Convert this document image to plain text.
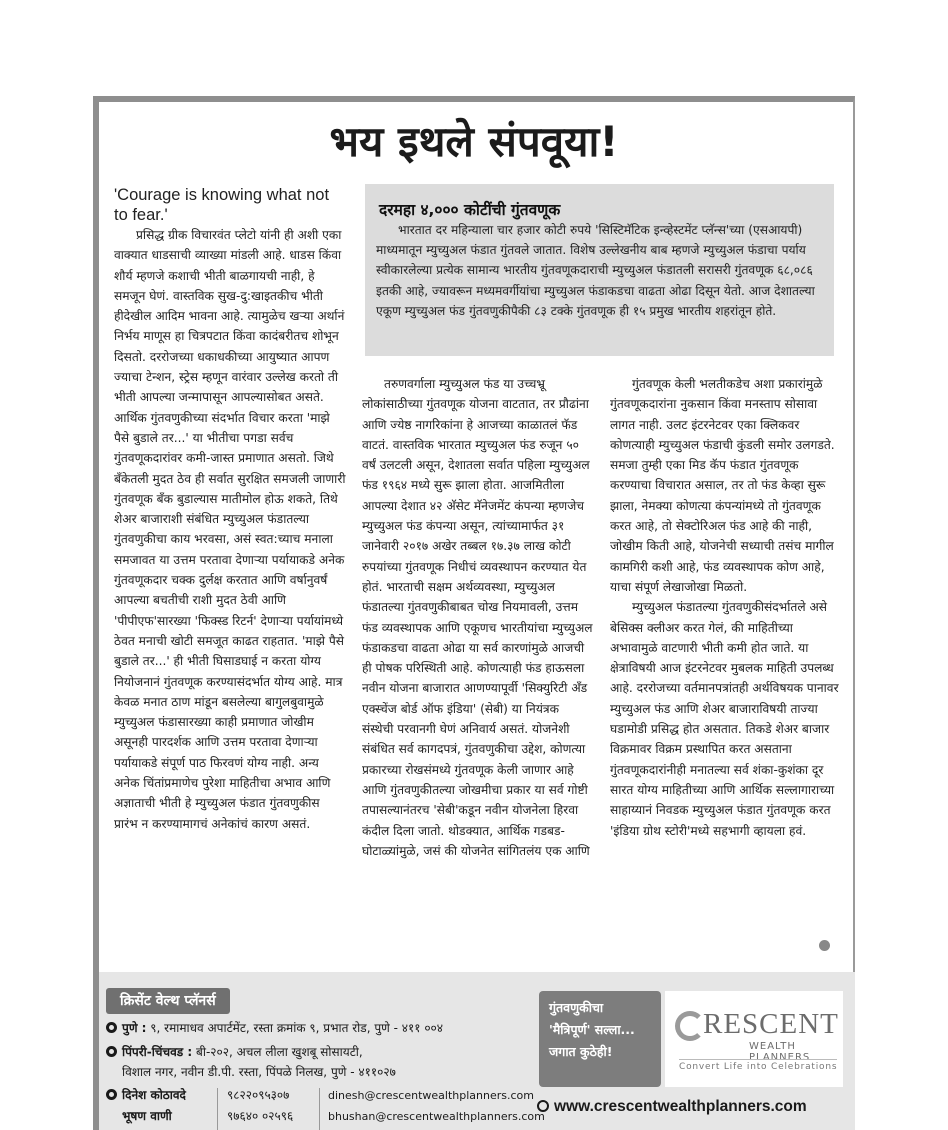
भय इथले संपवूया!
'Courage is knowing what not to fear.'

प्रसिद्ध ग्रीक विचारवंत प्लेटो यांनी ही अशी एका वाक्यात धाडसाची व्याख्या मांडली आहे. धाडस किंवा शौर्य म्हणजे कशाची भीती बाळगायची नाही, हे समजून घेणं. वास्तविक सुख-दु:खाइतकीच भीती हीदेखील आदिम भावना आहे. त्यामुळेच खऱ्या अर्थानं निर्भय माणूस हा चित्रपटात किंवा कादंबरीतच शोभून दिसतो. दररोजच्या धकाधकीच्या आयुष्यात आपण ज्याचा टेन्शन, स्ट्रेस म्हणून वारंवार उल्लेख करतो ती भीती आपल्या जन्मापासून आपल्यासोबत असते. आर्थिक गुंतवणुकीच्या संदर्भात विचार करता 'माझे पैसे बुडाले तर...' या भीतीचा पगडा सर्वच गुंतवणूकदारांवर कमी-जास्त प्रमाणात असतो. जिथे बँकेतली मुदत ठेव ही सर्वात सुरक्षित समजली जाणारी गुंतवणूक बँक बुडाल्यास मातीमोल होऊ शकते, तिथे शेअर बाजाराशी संबंधित म्युच्युअल फंडातल्या गुंतवणुकीचा काय भरवसा, असं स्वत:च्याच मनाला समजावत या उत्तम परतावा देणाऱ्या पर्यायाकडे अनेक गुंतवणूकदार चक्क दुर्लक्ष करतात आणि वर्षानुवर्षं आपल्या बचतीची राशी मुदत ठेवी आणि 'पीपीएफ'सारख्या 'फिक्स्ड रिटर्न' देणाऱ्या पर्यायांमध्ये ठेवत मनाची खोटी समजूत काढत राहतात. 'माझे पैसे बुडाले तर...' ही भीती घिसाडघाई न करता योग्य नियोजनानं गुंतवणूक करण्यासंदर्भात योग्य आहे. मात्र केवळ मनात ठाण मांडून बसलेल्या बागुलबुवामुळे म्युच्युअल फंडासारख्या काही प्रमाणात जोखीम असूनही पारदर्शक आणि उत्तम परतावा देणाऱ्या पर्यायाकडे संपूर्ण पाठ फिरवणं योग्य नाही. अन्य अनेक चिंतांप्रमाणेच पुरेशा माहितीचा अभाव आणि अज्ञाताची भीती हे म्युच्युअल फंडात गुंतवणुकीस प्रारंभ न करण्यामागचं अनेकांचं कारण असतं.

दरमहा ४,००० कोटींची गुंतवणूक

भारतात दर महिन्याला चार हजार कोटी रुपये 'सिस्टिमॅटिक इन्व्हेस्टमेंट प्लॅन्स'च्या (एसआयपी) माध्यमातून म्युच्युअल फंडात गुंतवले जातात. विशेष उल्लेखनीय बाब म्हणजे म्युच्युअल फंडाचा पर्याय स्वीकारलेल्या प्रत्येक सामान्य भारतीय गुंतवणूकदाराची म्युच्युअल फंडातली सरासरी गुंतवणूक ६८,०८६ इतकी आहे, ज्यावरून मध्यमवर्गीयांचा म्युच्युअल फंडाकडचा वाढता ओढा दिसून येतो. आज देशातल्या एकूण म्युच्युअल फंड गुंतवणुकीपैकी ८३ टक्के गुंतवणूक ही १५ प्रमुख भारतीय शहरांतून होते.

तरुणवर्गाला म्युच्युअल फंड या उच्चभ्रू लोकांसाठीच्या गुंतवणूक योजना वाटतात, तर प्रौढांना आणि ज्येष्ठ नागरिकांना हे आजच्या काळातलं फॅड वाटतं. वास्तविक भारतात म्युच्युअल फंड रुजून ५० वर्षं उलटली असून, देशातला सर्वात पहिला म्युच्युअल फंड १९६४ मध्ये सुरू झाला होता. आजमितीला आपल्या देशात ४२ अ‍ॅसेट मॅनेजमेंट कंपन्या म्हणजेच म्युच्युअल फंड कंपन्या असून, त्यांच्यामार्फत ३१ जानेवारी २०१७ अखेर तब्बल १७.३७ लाख कोटी रुपयांच्या गुंतवणूक निधीचं व्यवस्थापन करण्यात येत होतं. भारताची सक्षम अर्थव्यवस्था, म्युच्युअल फंडातल्या गुंतवणुकीबाबत चोख नियमावली, उत्तम फंड व्यवस्थापक आणि एकूणच भारतीयांचा म्युच्युअल फंडाकडचा वाढता ओढा या सर्व कारणांमुळे आजची ही पोषक परिस्थिती आहे. कोणत्याही फंड हाऊसला नवीन योजना बाजारात आणण्यापूर्वी 'सिक्युरिटी अ‍ॅंड एक्स्चेंज बोर्ड ऑफ इंडिया' (सेबी) या नियंत्रक संस्थेची परवानगी घेणं अनिवार्य असतं. योजनेशी संबंधित सर्व कागदपत्रं, गुंतवणुकीचा उद्देश, कोणत्या प्रकारच्या रोखसंमध्ये गुंतवणूक केली जाणार आहे आणि गुंतवणुकीतल्या जोखमीचा प्रकार या सर्व गोष्टी तपासल्यानंतरच 'सेबी'कडून नवीन योजनेला हिरवा कंदील दिला जातो. थोडक्यात, आर्थिक गडबड-घोटाळ्यांमुळे, जसं की योजनेत सांगितलंय एक आणि

गुंतवणूक केली भलतीकडेच अशा प्रकारांमुळे गुंतवणूकदारांना नुकसान किंवा मनस्ताप सोसावा लागत नाही. उलट इंटरनेटवर एका क्लिकवर कोणत्याही म्युच्युअल फंडाची कुंडली समोर उलगडते. समजा तुम्ही एका मिड कॅप फंडात गुंतवणूक करण्याचा विचारात असाल, तर तो फंड केव्हा सुरू झाला, नेमक्या कोणत्या कंपन्यांमध्ये तो गुंतवणूक करत आहे, तो सेक्टोरिअल फंड आहे की नाही, जोखीम किती आहे, योजनेची सध्याची तसंच मागील कामगिरी कशी आहे, फंड व्यवस्थापक कोण आहे, याचा संपूर्ण लेखाजोखा मिळतो.

म्युच्युअल फंडातल्या गुंतवणुकीसंदर्भातले असे बेसिक्स क्लीअर करत गेलं, की माहितीच्या अभावामुळे वाटणारी भीती कमी होत जाते. या क्षेत्राविषयी आज इंटरनेटवर मुबलक माहिती उपलब्ध आहे. दररोजच्या वर्तमानपत्रांतही अर्थविषयक पानावर म्युच्युअल फंड आणि शेअर बाजाराविषयी ताज्या घडामोडी प्रसिद्ध होत असतात. तिकडे शेअर बाजार विक्रमावर विक्रम प्रस्थापित करत असताना गुंतवणूकदारांनीही मनातल्या सर्व शंका-कुशंका दूर सारत योग्य माहितीच्या आणि आर्थिक सल्लागाराच्या साहाय्यानं निवडक म्युच्युअल फंडात गुंतवणूक करत 'इंडिया ग्रोथ स्टोरी'मध्ये सहभागी व्हायला हवं.

क्रिसेंट वेल्थ प्लॅनर्स
पुणे : ९, रमामाधव अपार्टमेंट, रस्ता क्रमांक ९, प्रभात रोड, पुणे - ४११ ००४
पिंपरी-चिंचवड : बी-२०२, अचल लीला खुशबू सोसायटी,
विशाल नगर, नवीन डी.पी. रस्ता, पिंपळे निलख, पुणे - ४११०२७
दिनेश कोठावदे
भूषण वाणी
९८२२०९५३०७
९७६४० ०२५९६
dinesh@crescentwealthplanners.com
bhushan@crescentwealthplanners.com
गुंतवणुकीचा
'मैत्रिपूर्ण' सल्ला...
जगात कुठेही!
RESCENT
WEALTH PLANNERS
Convert Life into Celebrations
www.crescentwealthplanners.com
